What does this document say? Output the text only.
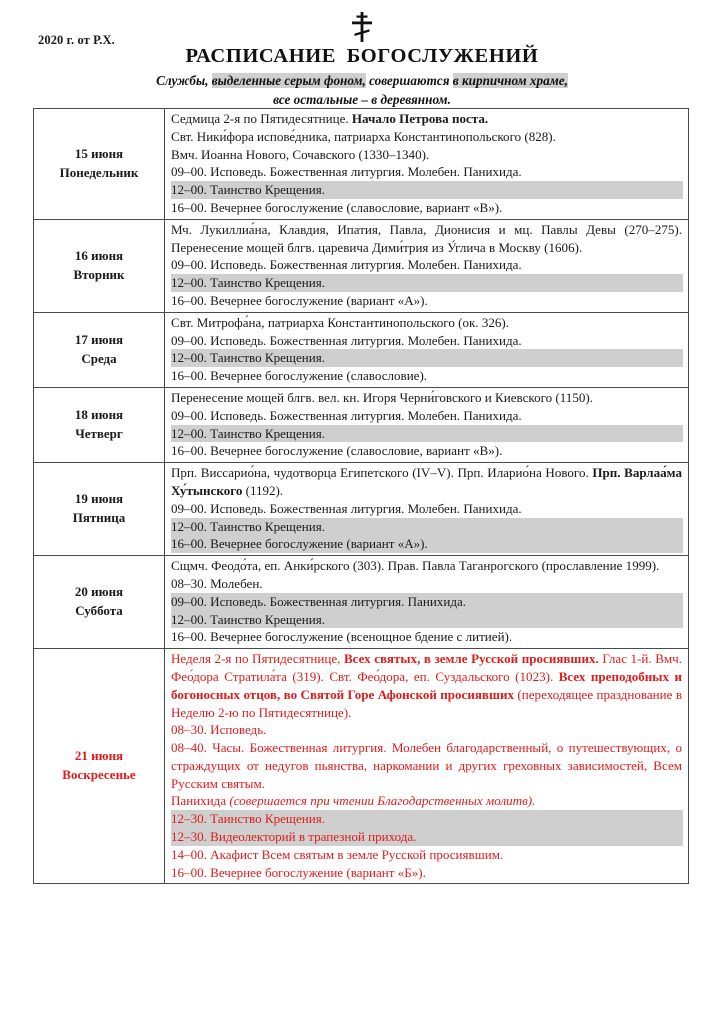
2020 г. от Р.Х.
РАСПИСАНИЕ БОГОСЛУЖЕНИЙ
Службы, выделенные серым фоном, совершаются в кирпичном храме,
все остальные – в деревянном.
15 июня
Понедельник

Седмица 2-я по Пятидесятнице. Начало Петрова поста.
Свт. Ники́фора испове́дника, патриарха Константинопольского (828).
Вмч. Иоанна Нового, Сочавского (1330–1340).
09–00. Исповедь. Божественная литургия. Молебен. Панихида.
12–00. Таинство Крещения.
16–00. Вечернее богослужение (славословие, вариант «В»).

16 июня
Вторник	Мч. Лукиллиа́на, Клавдия, Ипатия, Павла, Дионисия и мц. Павлы Девы (270–275). Перенесение мощей блгв. царевича Дими́трия из У́глича в Москву (1606).
09–00. Исповедь. Божественная литургия. Молебен. Панихида.
12–00. Таинство Крещения.
16–00. Вечернее богослужение (вариант «А»).

17 июня
Среда	Свт. Митрофа́на, патриарха Константинопольского (ок. 326).
09–00. Исповедь. Божественная литургия. Молебен. Панихида.
12–00. Таинство Крещения.
16–00. Вечернее богослужение (славословие).

18 июня
Четверг	Перенесение мощей блгв. вел. кн. Игоря Черни́говского и Киевского (1150).
09–00. Исповедь. Божественная литургия. Молебен. Панихида.
12–00. Таинство Крещения.
16–00. Вечернее богослужение (славословие, вариант «В»).

19 июня
Пятница	Прп. Виссарио́на, чудотворца Египетского (IV–V). Прп. Иларио́на Нового. Прп. Варлаа́ма Ху́тынского (1192).
09–00. Исповедь. Божественная литургия. Молебен. Панихида.
12–00. Таинство Крещения.
16–00. Вечернее богослужение (вариант «А»).

20 июня
Суббота	Сщмч. Феодо́та, еп. Анки́рского (303). Прав. Павла Таганрогского (прославление 1999).
08–30. Молебен.
09–00. Исповедь. Божественная литургия. Панихида.
12–00. Таинство Крещения.
16–00. Вечернее богослужение (всенощное бдение с литией).

21 июня
Воскресенье

Неделя 2-я по Пятидесятнице, Всех святых, в земле Русской просиявших. Глас 1-й. Вмч. Фео́дора Стратила́та (319). Свт. Фео́дора, еп. Суздальского (1023). Всех преподобных и богоносных отцов, во Святой Горе Афонской просиявших (переходящее празднование в Неделю 2-ю по Пятидесятнице).
08–30. Исповедь.
08–40. Часы. Божественная литургия. Молебен благодарственный, о путешествующих, о страждущих от недугов пьянства, наркомании и других греховных зависимостей, Всем Русским святым.
Панихида (совершается при чтении Благодарственных молитв).
12–30. Таинство Крещения.
12–30. Видеолекторий в трапезной прихода.
14–00. Акафист Всем святым в земле Русской просиявшим.
16–00. Вечернее богослужение (вариант «Б»).
